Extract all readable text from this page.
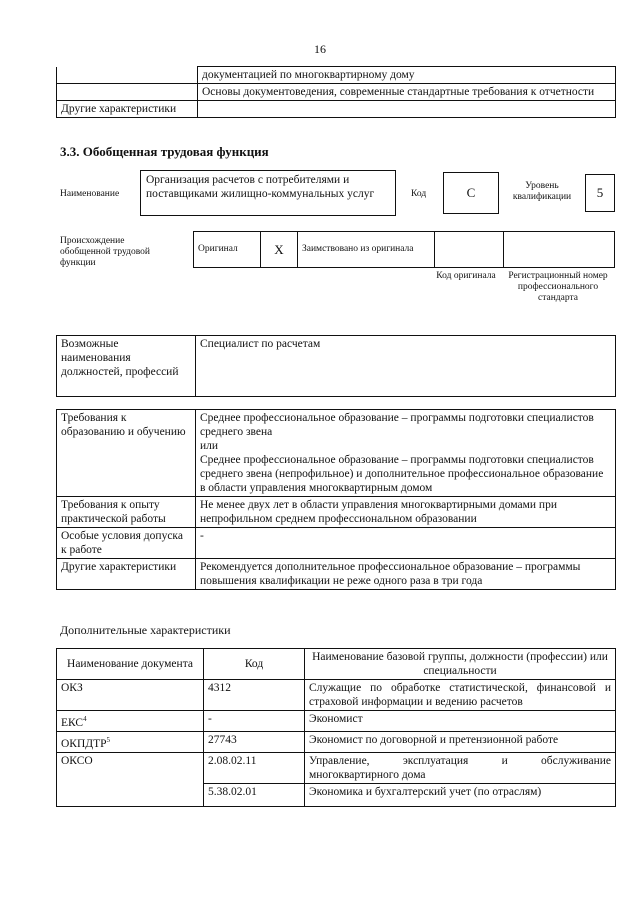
16
	документацией по многоквартирному дому
	Основы документоведения, современные стандартные требования к отчетности
Другие характеристики	
3.3. Обобщенная трудовая функция
Наименование
Организация расчетов с потребителями и поставщиками жилищно-коммунальных услуг	Код	C	Уровень квалификации	5
Происхождение обобщенной трудовой функции
Оригинал	X	Заимствовано из оригинала		
Код оригинала Регистрационный номер профессионального стандарта
Возможные наименования должностей, профессий	Специалист по расчетам
Требования к образованию и обучению	Среднее профессиональное образование – программы подготовки специалистов среднего звена
или
Среднее профессиональное образование – программы подготовки специалистов среднего звена (непрофильное) и дополнительное профессиональное образование в области управления многоквартирным домом

Требования к опыту практической работы	Не менее двух лет в области управления многоквартирными домами при непрофильном среднем профессиональном образовании
Особые условия допуска к работе	-
Другие характеристики	Рекомендуется дополнительное профессиональное образование – программы повышения квалификации не реже одного раза в три года
Дополнительные характеристики
Наименование документа	Код	Наименование базовой группы, должности (профессии) или специальности
ОКЗ	4312	Служащие по обработке статистической, финансовой и страховой информации и ведению расчетов
ЕКС$^4$	-	Экономист
ОКПДТР$^5$	27743	Экономист по договорной и претензионной работе
ОКСО	2.08.02.11	Управление, эксплуатация и обслуживание многоквартирного дома
	5.38.02.01	Экономика и бухгалтерский учет (по отраслям)
